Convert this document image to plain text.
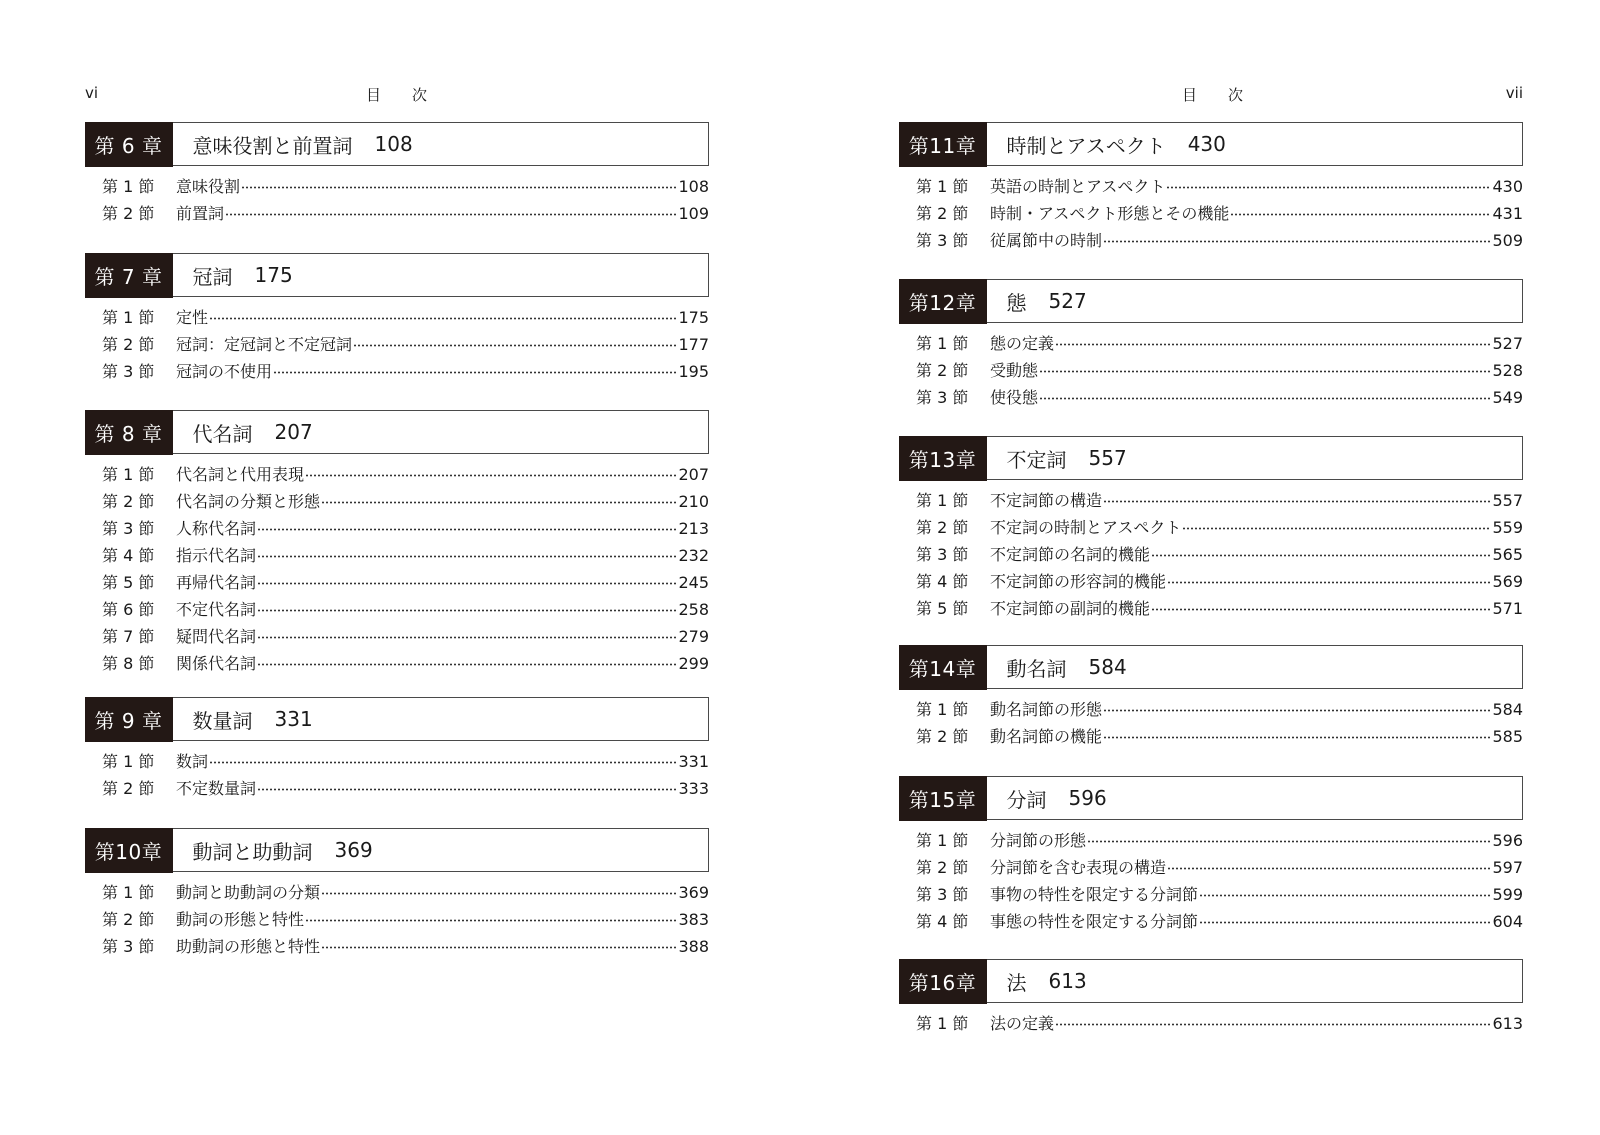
vi	目 次
第 6 章	意味役割と前置詞 108
第 1 節	意味役割	108
第 2 節	前置詞	109
第 7 章	冠詞 175
第 1 節	定性	175
第 2 節	冠詞：定冠詞と不定冠詞	177
第 3 節	冠詞の不使用	195
第 8 章	代名詞 207
第 1 節	代名詞と代用表現	207
第 2 節	代名詞の分類と形態	210
第 3 節	人称代名詞	213
第 4 節	指示代名詞	232
第 5 節	再帰代名詞	245
第 6 節	不定代名詞	258
第 7 節	疑問代名詞	279
第 8 節	関係代名詞	299
第 9 章	数量詞 331
第 1 節	数詞	331
第 2 節	不定数量詞	333
第10章	動詞と助動詞 369
第 1 節	動詞と助動詞の分類	369
第 2 節	動詞の形態と特性	383
第 3 節	助動詞の形態と特性	388
目 次	vii
第11章	時制とアスペクト 430
第 1 節	英語の時制とアスペクト	430
第 2 節	時制・アスペクト形態とその機能	431
第 3 節	従属節中の時制	509
第12章	態 527
第 1 節	態の定義	527
第 2 節	受動態	528
第 3 節	使役態	549
第13章	不定詞 557
第 1 節	不定詞節の構造	557
第 2 節	不定詞の時制とアスペクト	559
第 3 節	不定詞節の名詞的機能	565
第 4 節	不定詞節の形容詞的機能	569
第 5 節	不定詞節の副詞的機能	571
第14章	動名詞 584
第 1 節	動名詞節の形態	584
第 2 節	動名詞節の機能	585
第15章	分詞 596
第 1 節	分詞節の形態	596
第 2 節	分詞節を含む表現の構造	597
第 3 節	事物の特性を限定する分詞節	599
第 4 節	事態の特性を限定する分詞節	604
第16章	法 613
第 1 節	法の定義	613
